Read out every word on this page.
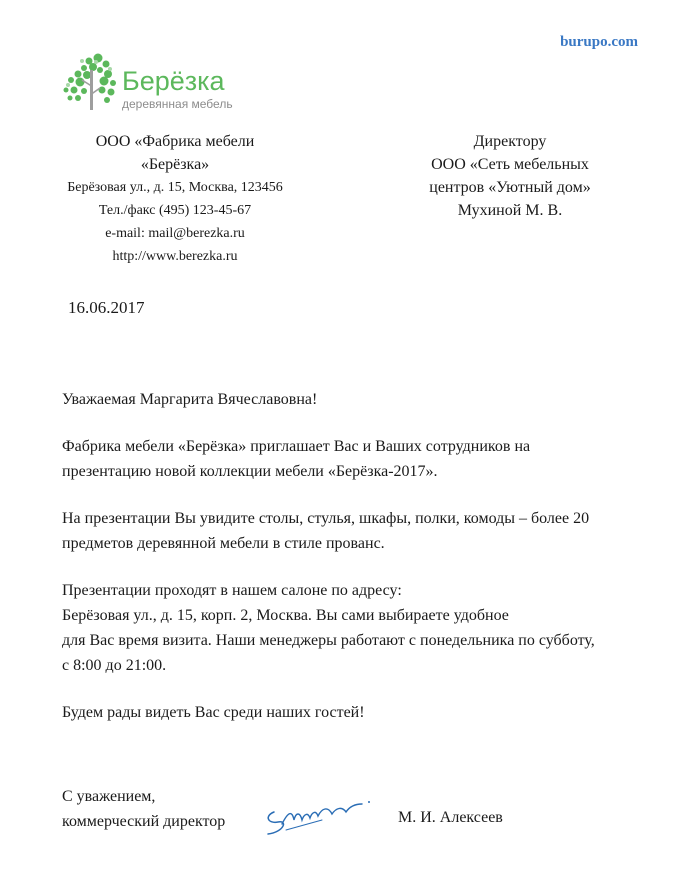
burupo.com
Берёзка
деревянная мебель
ООО «Фабрика мебели
«Берёзка»
Берёзовая ул., д. 15, Москва, 123456
Тел./факс (495) 123-45-67
e-mail: mail@berezka.ru
http://www.berezka.ru
Директору
ООО «Сеть мебельных
центров «Уютный дом»
Мухиной М. В.
16.06.2017

Уважаемая Маргарита Вячеславовна!

Фабрика мебели «Берёзка» приглашает Вас и Ваших сотрудников на
презентацию новой коллекции мебели «Берёзка-2017».

На презентации Вы увидите столы, стулья, шкафы, полки, комоды – более 20
предметов деревянной мебели в стиле прованс.

Презентации проходят в нашем салоне по адресу:
Берёзовая ул., д. 15, корп. 2, Москва. Вы сами выбираете удобное
для Вас время визита. Наши менеджеры работают с понедельника по субботу,
с 8:00 до 21:00.

Будем рады видеть Вас среди наших гостей!

С уважением,
коммерческий директор	М. И. Алексеев
